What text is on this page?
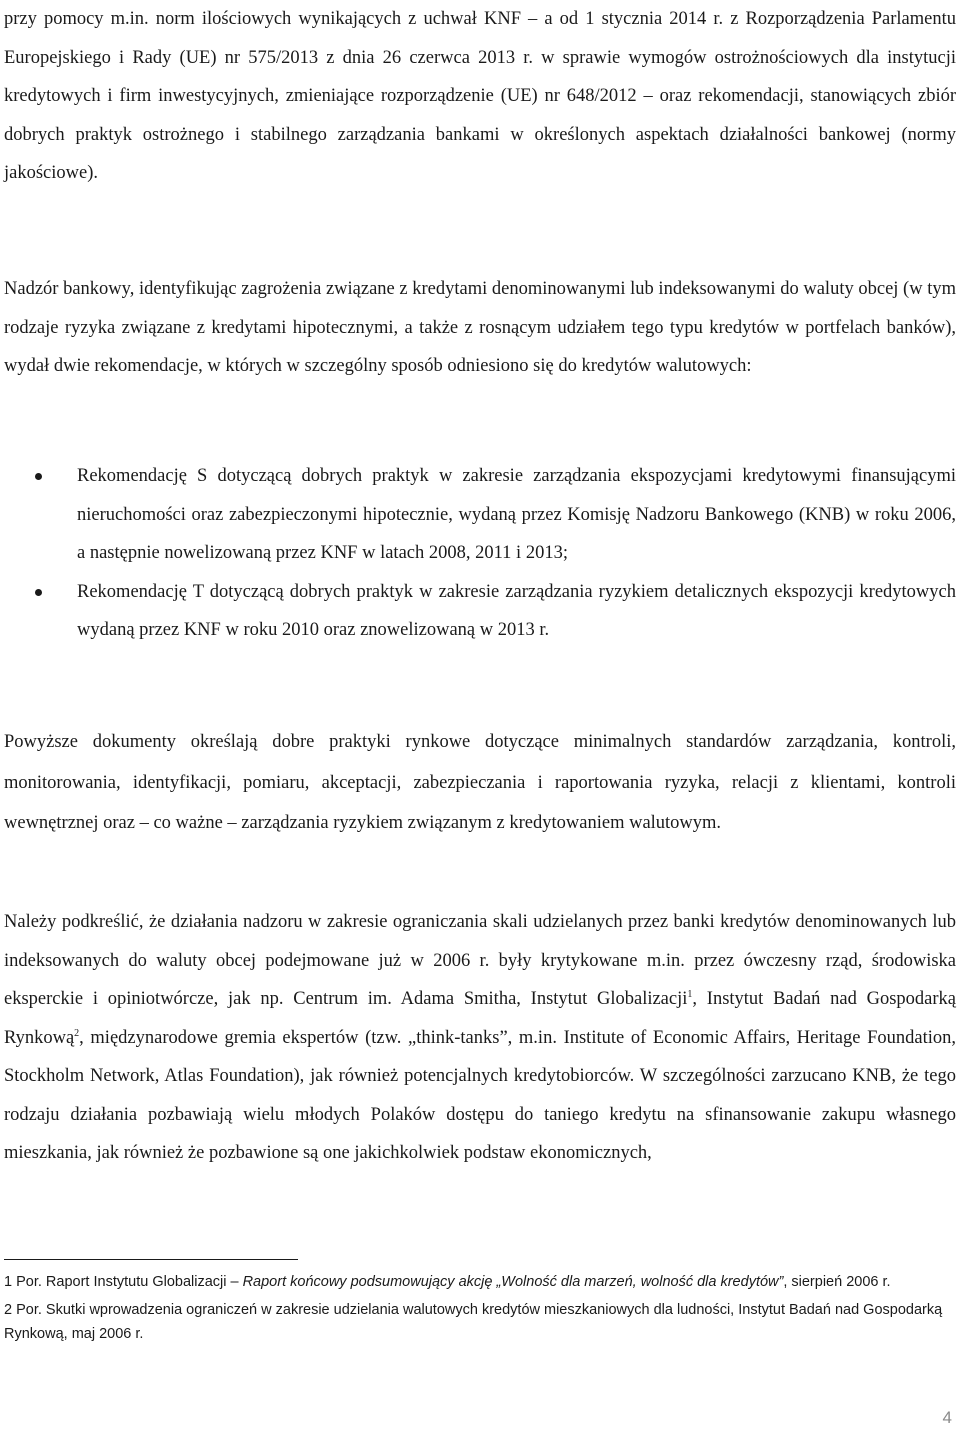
przy pomocy m.in. norm ilościowych wynikających z uchwał KNF – a od 1 stycznia 2014 r. z Rozporządzenia Parlamentu Europejskiego i Rady (UE) nr 575/2013 z dnia 26 czerwca 2013 r. w sprawie wymogów ostrożnościowych dla instytucji kredytowych i firm inwestycyjnych, zmieniające rozporządzenie (UE) nr 648/2012 – oraz rekomendacji, stanowiących zbiór dobrych praktyk ostrożnego i stabilnego zarządzania bankami w określonych aspektach działalności bankowej (normy jakościowe).

Nadzór bankowy, identyfikując zagrożenia związane z kredytami denominowanymi lub indeksowanymi do waluty obcej (w tym rodzaje ryzyka związane z kredytami hipotecznymi, a także z rosnącym udziałem tego typu kredytów w portfelach banków), wydał dwie rekomendacje, w których w szczególny sposób odniesiono się do kredytów walutowych:

Rekomendację S dotyczącą dobrych praktyk w zakresie zarządzania ekspozycjami kredytowymi finansującymi nieruchomości oraz zabezpieczonymi hipotecznie, wydaną przez Komisję Nadzoru Bankowego (KNB) w roku 2006, a następnie nowelizowaną przez KNF w latach 2008, 2011 i 2013;
Rekomendację T dotyczącą dobrych praktyk w zakresie zarządzania ryzykiem detalicznych ekspozycji kredytowych wydaną przez KNF w roku 2010 oraz znowelizowaną w 2013 r.

Powyższe dokumenty określają dobre praktyki rynkowe dotyczące minimalnych standardów zarządzania, kontroli, monitorowania, identyfikacji, pomiaru, akceptacji, zabezpieczania i raportowania ryzyka, relacji z klientami, kontroli wewnętrznej oraz – co ważne – zarządzania ryzykiem związanym z kredytowaniem walutowym.

Należy podkreślić, że działania nadzoru w zakresie ograniczania skali udzielanych przez banki kredytów denominowanych lub indeksowanych do waluty obcej podejmowane już w 2006 r. były krytykowane m.in. przez ówczesny rząd, środowiska eksperckie i opiniotwórcze, jak np. Centrum im. Adama Smitha, Instytut Globalizacji$^1$, Instytut Badań nad Gospodarką Rynkową$^2$, międzynarodowe gremia ekspertów (tzw. „think-tanks”, m.in. Institute of Economic Affairs, Heritage Foundation, Stockholm Network, Atlas Foundation), jak również potencjalnych kredytobiorców. W szczególności zarzucano KNB, że tego rodzaju działania pozbawiają wielu młodych Polaków dostępu do taniego kredytu na sfinansowanie zakupu własnego mieszkania, jak również że pozbawione są one jakichkolwiek podstaw ekonomicznych,

1 Por. Raport Instytutu Globalizacji – Raport końcowy podsumowujący akcję „Wolność dla marzeń, wolność dla kredytów”, sierpień 2006 r.

2 Por. Skutki wprowadzenia ograniczeń w zakresie udzielania walutowych kredytów mieszkaniowych dla ludności, Instytut Badań nad Gospodarką Rynkową, maj 2006 r.

4
